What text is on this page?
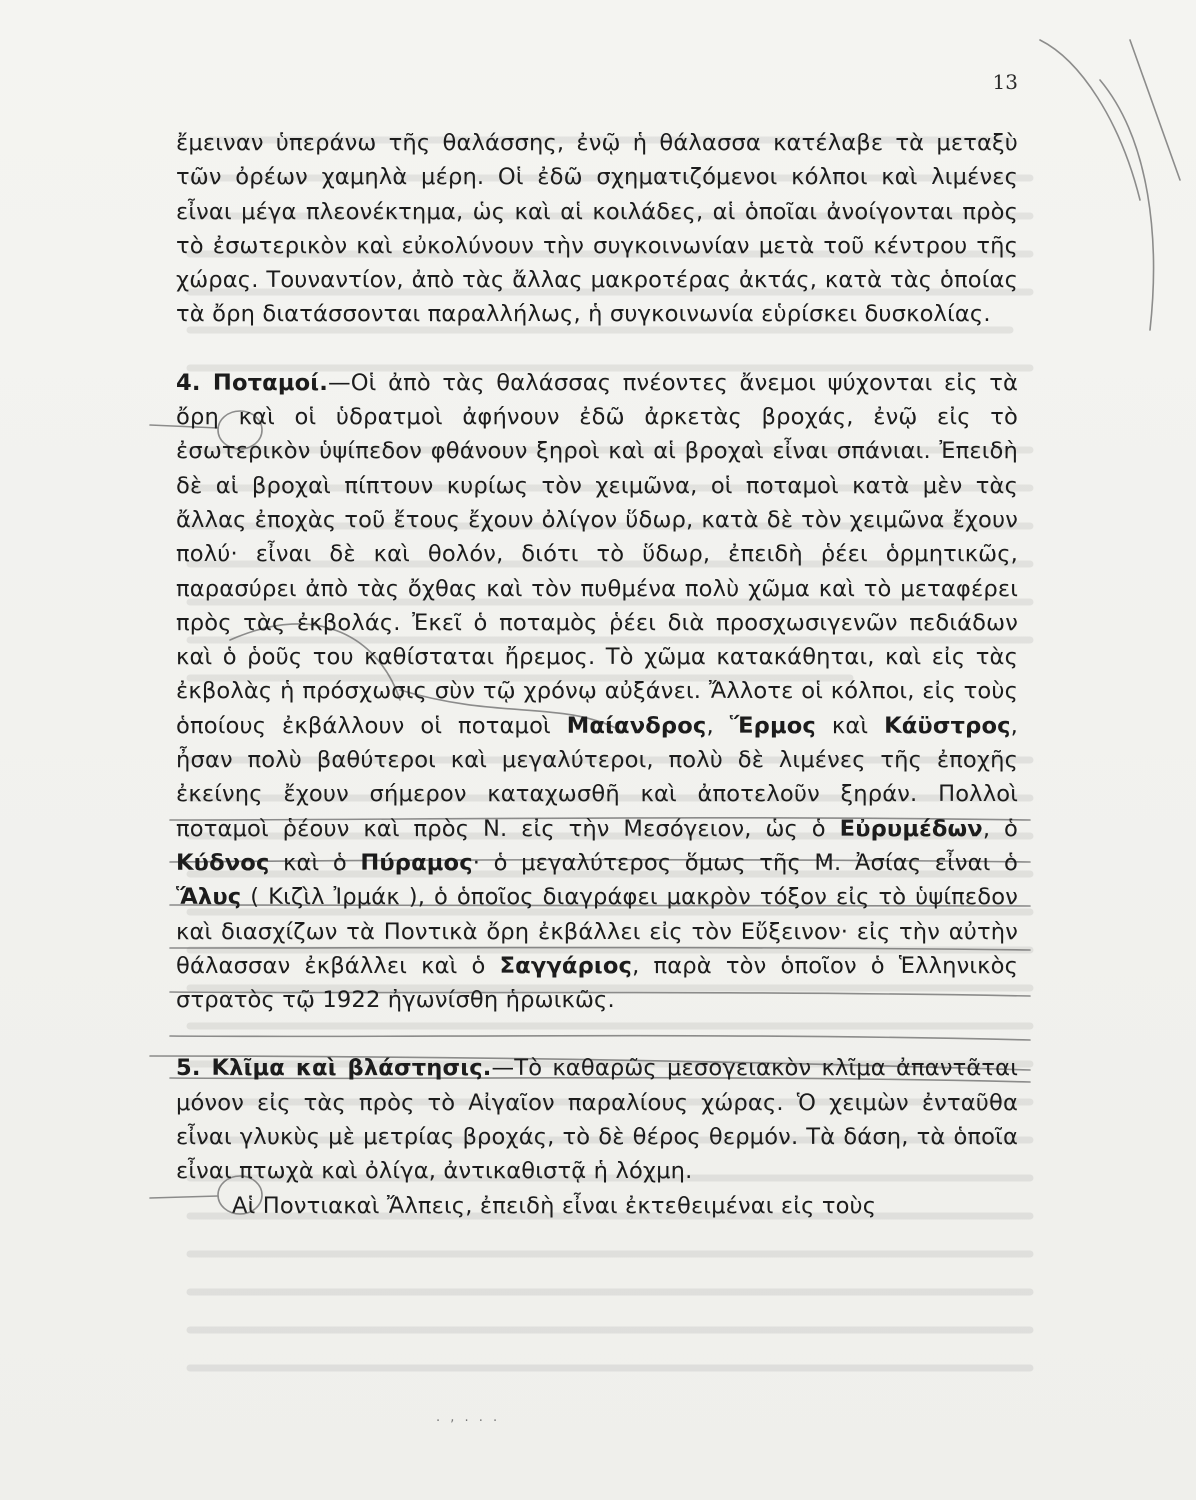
13

ἔμειναν ὑπεράνω τῆς θαλάσσης, ἐνῷ ἡ θάλασσα κατέλαβε τὰ μεταξὺ τῶν ὀρέων χαμηλὰ μέρη. Οἱ ἐδῶ σχηματιζόμενοι κόλποι καὶ λιμένες εἶναι μέγα πλεονέκτημα, ὡς καὶ αἱ κοιλάδες, αἱ ὁποῖαι ἀνοίγονται πρὸς τὸ ἐσωτερικὸν καὶ εὐκολύνουν τὴν συγκοινωνίαν μετὰ τοῦ κέντρου τῆς χώρας. Τουναντίον, ἀπὸ τὰς ἄλλας μακροτέρας ἀκτάς, κατὰ τὰς ὁποίας τὰ ὄρη διατάσσονται παραλλήλως, ἡ συγκοινωνία εὑρίσκει δυσκολίας.

4. Ποταμοί.—Οἱ ἀπὸ τὰς θαλάσσας πνέοντες ἄνεμοι ψύχονται εἰς τὰ ὄρη καὶ οἱ ὑδρατμοὶ ἀφήνουν ἐδῶ ἀρκετὰς βροχάς, ἐνῷ εἰς τὸ ἐσωτερικὸν ὑψίπεδον φθάνουν ξηροὶ καὶ αἱ βροχαὶ εἶναι σπάνιαι. Ἐπειδὴ δὲ αἱ βροχαὶ πίπτουν κυρίως τὸν χειμῶνα, οἱ ποταμοὶ κατὰ μὲν τὰς ἄλλας ἐποχὰς τοῦ ἔτους ἔχουν ὀλίγον ὕδωρ, κατὰ δὲ τὸν χειμῶνα ἔχουν πολύ· εἶναι δὲ καὶ θολόν, διότι τὸ ὕδωρ, ἐπειδὴ ῥέει ὁρμητικῶς, παρασύρει ἀπὸ τὰς ὄχθας καὶ τὸν πυθμένα πολὺ χῶμα καὶ τὸ μεταφέρει πρὸς τὰς ἐκβολάς. Ἐκεῖ ὁ ποταμὸς ῥέει διὰ προσχωσιγενῶν πεδιάδων καὶ ὁ ῥοῦς του καθίσταται ἤρεμος. Τὸ χῶμα κατακάθηται, καὶ εἰς τὰς ἐκβολὰς ἡ πρόσχωσις σὺν τῷ χρόνῳ αὐξάνει. Ἄλλοτε οἱ κόλποι, εἰς τοὺς ὁποίους ἐκβάλλουν οἱ ποταμοὶ Μαίανδρος, Ἕρμος καὶ Κάϋστρος, ἦσαν πολὺ βαθύτεροι καὶ μεγαλύτεροι, πολὺ δὲ λιμένες τῆς ἐποχῆς ἐκείνης ἔχουν σήμερον καταχωσθῆ καὶ ἀποτελοῦν ξηράν. Πολλοὶ ποταμοὶ ῥέουν καὶ πρὸς Ν. εἰς τὴν Μεσόγειον, ὡς ὁ Εὐρυμέδων, ὁ Κύδνος καὶ ὁ Πύραμος· ὁ μεγαλύτερος ὅμως τῆς Μ. Ἀσίας εἶναι ὁ Ἅλυς ( Κιζὶλ Ἰρμάκ ), ὁ ὁποῖος διαγράφει μακρὸν τόξον εἰς τὸ ὑψίπεδον καὶ διασχίζων τὰ Ποντικὰ ὄρη ἐκβάλλει εἰς τὸν Εὔξεινον· εἰς τὴν αὐτὴν θάλασσαν ἐκβάλλει καὶ ὁ Σαγγάριος, παρὰ τὸν ὁποῖον ὁ Ἑλληνικὸς στρατὸς τῷ 1922 ἠγωνίσθη ἡρωικῶς.

5. Κλῖμα καὶ βλάστησις.—Τὸ καθαρῶς μεσογειακὸν κλῖμα ἀπαντᾶται μόνον εἰς τὰς πρὸς τὸ Αἰγαῖον παραλίους χώρας. Ὁ χειμὼν ἐνταῦθα εἶναι γλυκὺς μὲ μετρίας βροχάς, τὸ δὲ θέρος θερμόν. Τὰ δάση, τὰ ὁποῖα εἶναι πτωχὰ καὶ ὀλίγα, ἀντικαθιστᾷ ἡ λόχμη.

Αἱ Ποντιακαὶ Ἄλπεις, ἐπειδὴ εἶναι ἐκτεθειμέναι εἰς τοὺς

. , . . .
